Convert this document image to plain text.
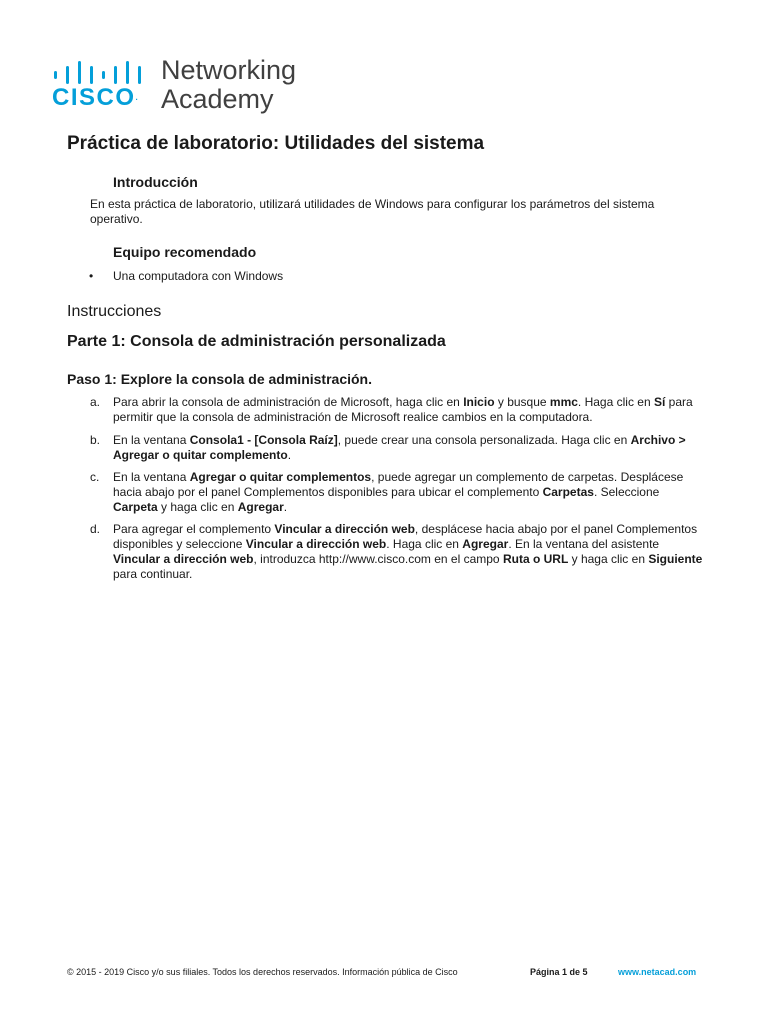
CISCO.
Networking
Academy
Práctica de laboratorio: Utilidades del sistema
Introducción
En esta práctica de laboratorio, utilizará utilidades de Windows para configurar los parámetros del sistema operativo.
Equipo recomendado
• Una computadora con Windows
Instrucciones
Parte 1: Consola de administración personalizada
Paso 1: Explore la consola de administración.
a. Para abrir la consola de administración de Microsoft, haga clic en Inicio y busque mmc. Haga clic en Sí para permitir que la consola de administración de Microsoft realice cambios en la computadora.
b. En la ventana Consola1 - [Consola Raíz], puede crear una consola personalizada. Haga clic en Archivo > Agregar o quitar complemento.
c. En la ventana Agregar o quitar complementos, puede agregar un complemento de carpetas. Desplácese hacia abajo por el panel Complementos disponibles para ubicar el complemento Carpetas. Seleccione Carpeta y haga clic en Agregar.
d. Para agregar el complemento Vincular a dirección web, desplácese hacia abajo por el panel Complementos disponibles y seleccione Vincular a dirección web. Haga clic en Agregar. En la ventana del asistente Vincular a dirección web, introduzca http://www.cisco.com en el campo Ruta o URL y haga clic en Siguiente para continuar.
© 2015 - 2019 Cisco y/o sus filiales. Todos los derechos reservados. Información pública de Cisco	Página 1 de 5	www.netacad.com
